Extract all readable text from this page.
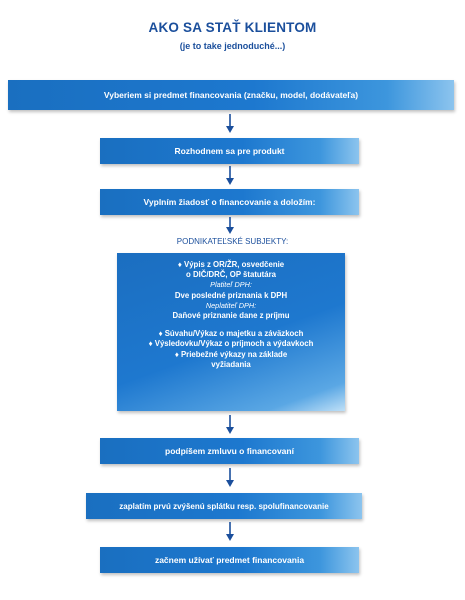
AKO SA STAŤ KLIENTOM
(je to take jednoduché...)
Vyberiem si predmet financovania (značku, model, dodávateľa)
Rozhodnem sa pre produkt
Vyplním žiadosť o financovanie a doložím:
PODNIKATEĽSKÉ SUBJEKTY:
♦ Výpis z OR/ŽR, osvedčenie
o DIČ/DRČ, OP štatutára
Platiteľ DPH:
Dve posledné priznania k DPH
Neplatiteľ DPH:
Daňové priznanie dane z príjmu
♦ Súvahu/Výkaz o majetku a záväzkoch
♦ Výsledovku/Výkaz o príjmoch a výdavkoch
♦ Priebežné výkazy na základe
vyžiadania
podpíšem zmluvu o financovaní
zaplatím prvú zvýšenú splátku resp. spolufinancovanie
začnem užívať predmet financovania
